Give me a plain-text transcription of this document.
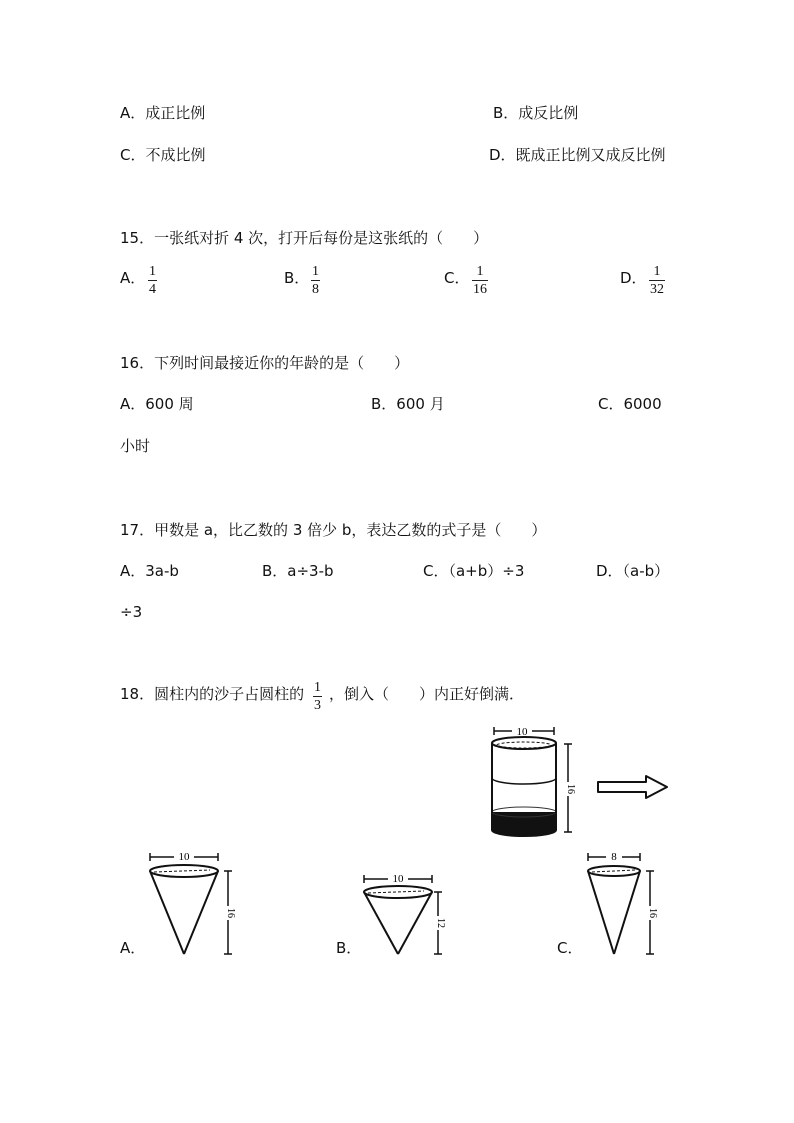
A．成正比例	B．成反比例
C．不成比例	D．既成正比例又成反比例
15．一张纸对折 4 次，打开后每份是这张纸的（　　）
A． 1
4
B． 1
8
C． 1
16
D． 1
32
16．下列时间最接近你的年龄的是（　　）
A．600 周	B．600 月	C．6000
小时
17．甲数是 a，比乙数的 3 倍少 b，表达乙数的式子是（　　）
A．3a-b	B．a÷3-b	C．（a+b）÷3	D．（a-b）
÷3
18．圆柱内的沙子占圆柱的 1
3
，倒入（　　）内正好倒满．
10
16
A．
10
16
B．
10
12
C．
8
16
